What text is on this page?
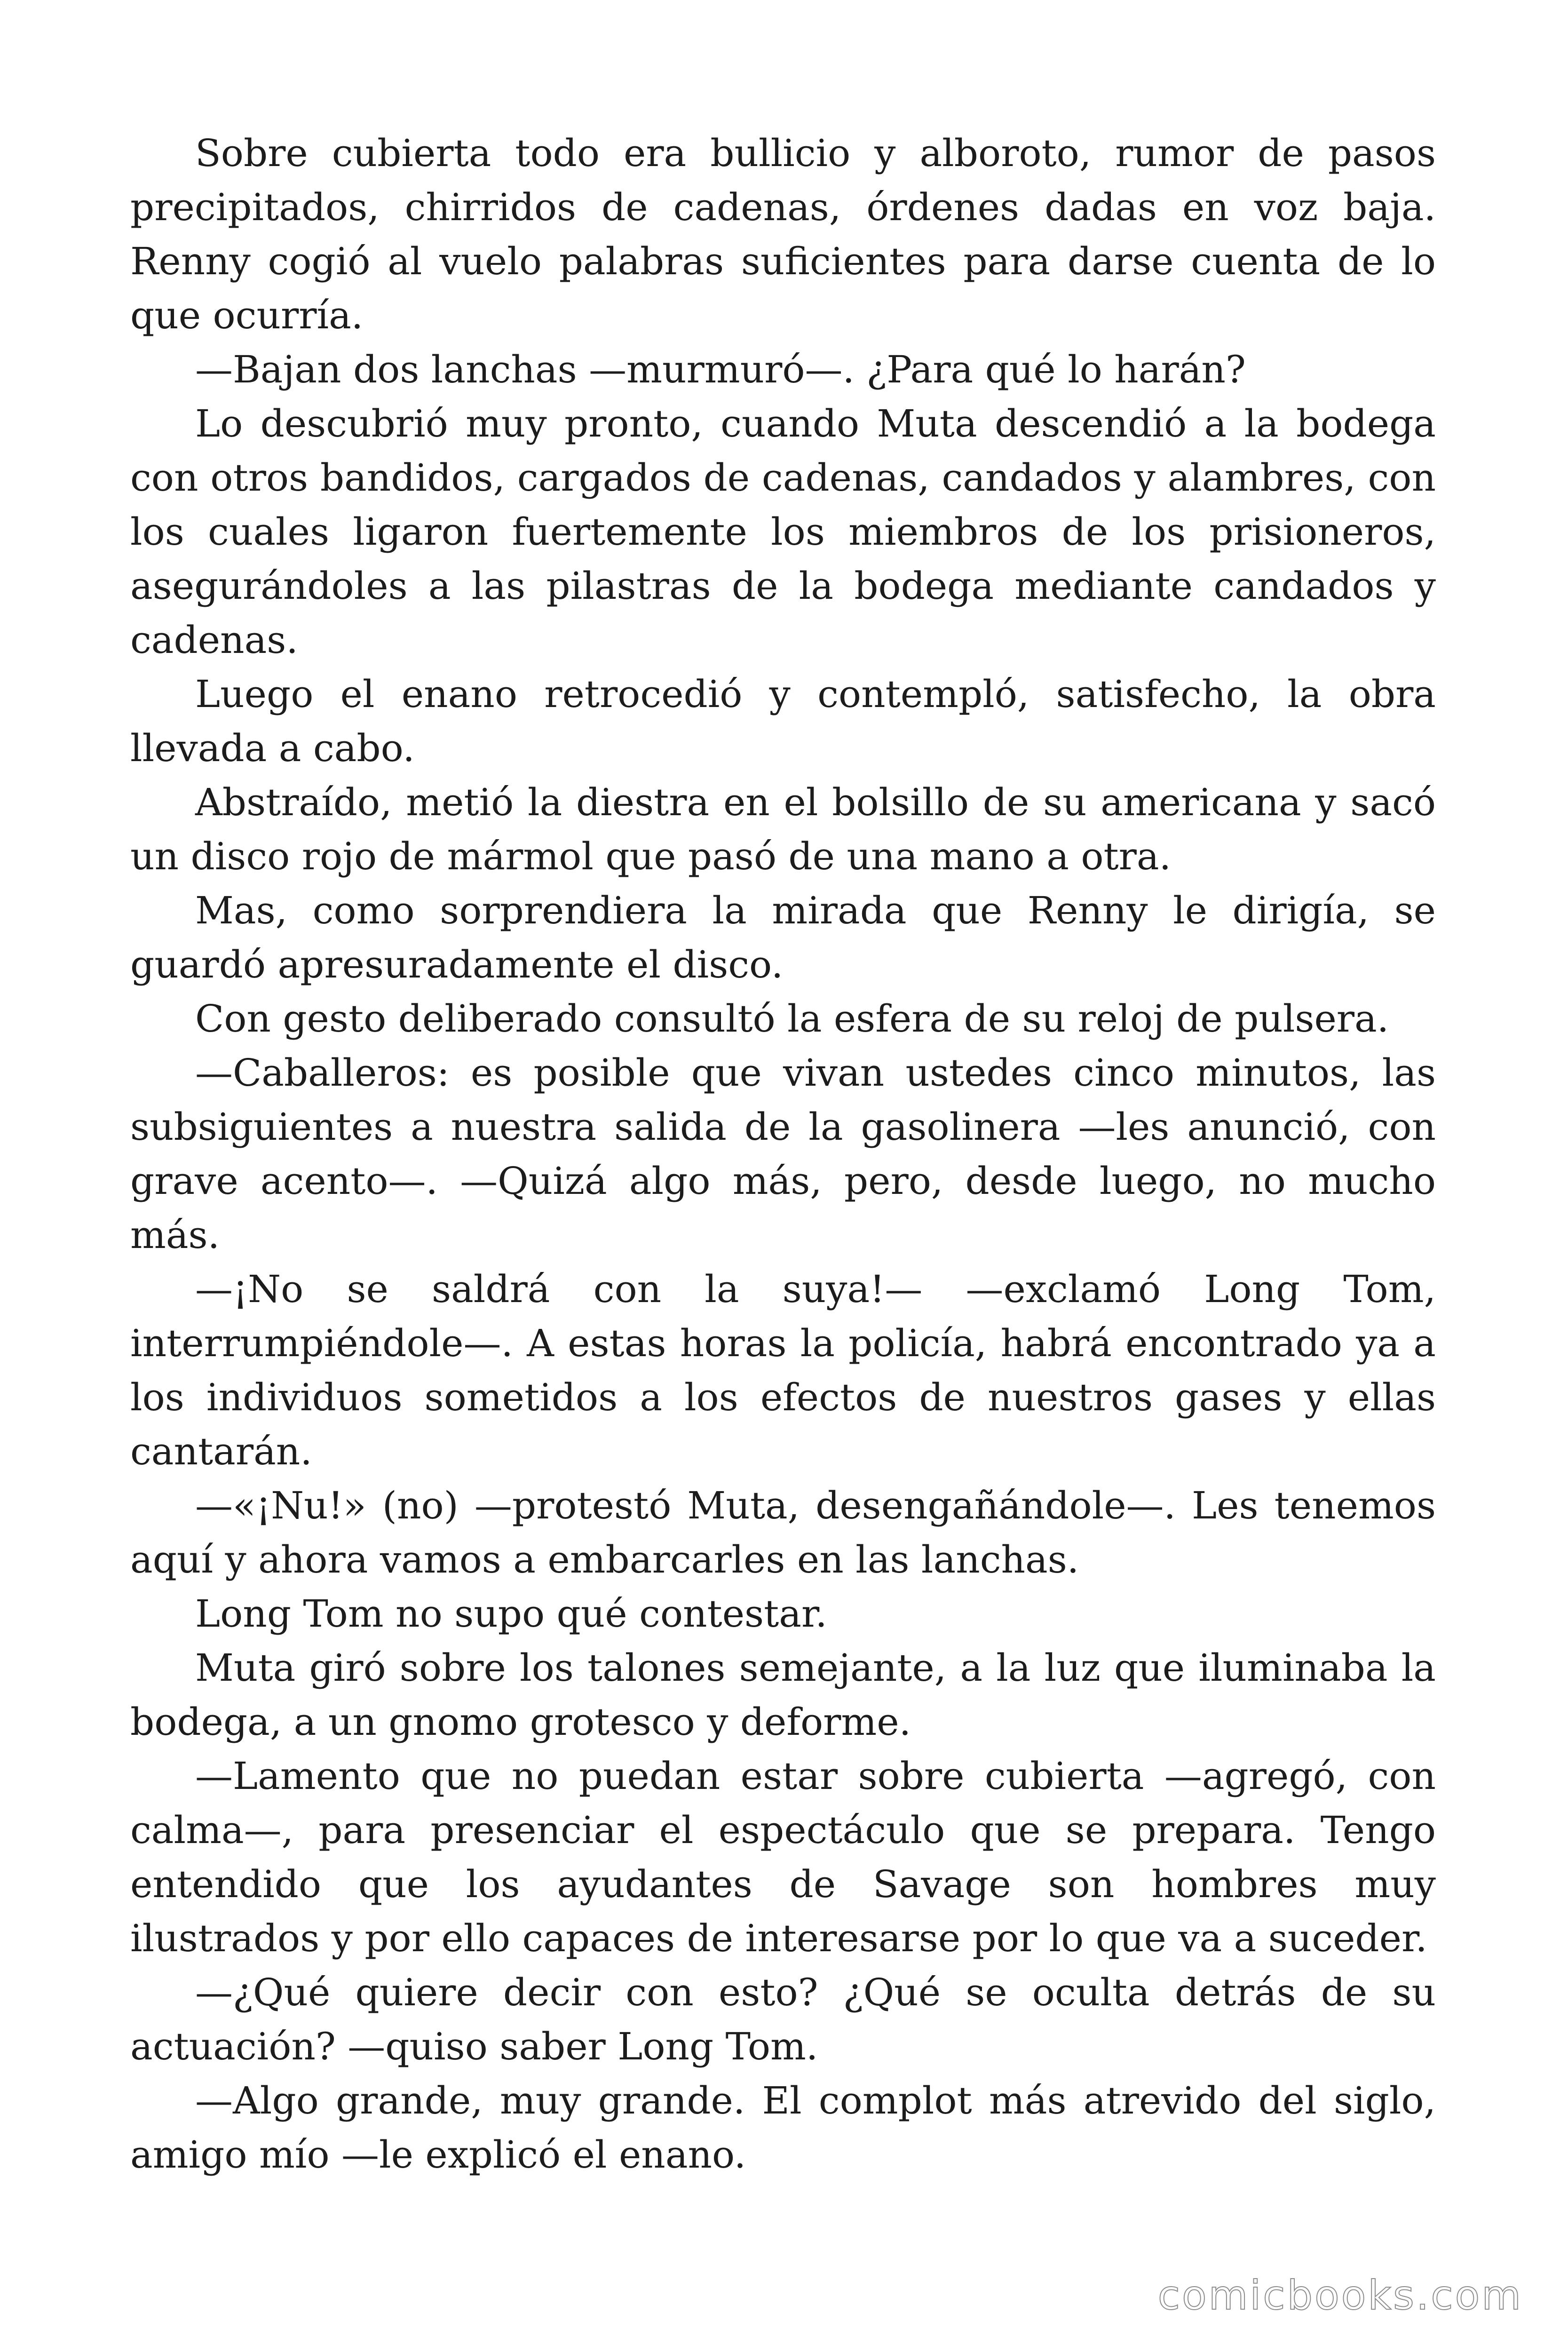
Sobre cubierta todo era bullicio y alboroto, rumor de pasos precipitados, chirridos de cadenas, órdenes dadas en voz baja. Renny cogió al vuelo palabras suficientes para darse cuenta de lo que ocurría.

—Bajan dos lanchas —murmuró—. ¿Para qué lo harán?

Lo descubrió muy pronto, cuando Muta descendió a la bodega con otros bandidos, cargados de cadenas, candados y alambres, con los cuales ligaron fuertemente los miembros de los prisioneros, asegurándoles a las pilastras de la bodega mediante candados y cadenas.

Luego el enano retrocedió y contempló, satisfecho, la obra llevada a cabo.

Abstraído, metió la diestra en el bolsillo de su americana y sacó un disco rojo de mármol que pasó de una mano a otra.

Mas, como sorprendiera la mirada que Renny le dirigía, se guardó apresuradamente el disco.

Con gesto deliberado consultó la esfera de su reloj de pulsera.

—Caballeros: es posible que vivan ustedes cinco minutos, las subsiguientes a nuestra salida de la gasolinera —les anunció, con grave acento—. —Quizá algo más, pero, desde luego, no mucho más.

—¡No se saldrá con la suya!— —exclamó Long Tom, interrumpiéndole—. A estas horas la policía, habrá encontrado ya a los individuos sometidos a los efectos de nuestros gases y ellas cantarán.

—«¡Nu!» (no) —protestó Muta, desengañándole—. Les tenemos aquí y ahora vamos a embarcarles en las lanchas.

Long Tom no supo qué contestar.

Muta giró sobre los talones semejante, a la luz que iluminaba la bodega, a un gnomo grotesco y deforme.

—Lamento que no puedan estar sobre cubierta —agregó, con calma—, para presenciar el espectáculo que se prepara. Tengo entendido que los ayudantes de Savage son hombres muy ilustrados y por ello capaces de interesarse por lo que va a suceder.

—¿Qué quiere decir con esto? ¿Qué se oculta detrás de su actuación? —quiso saber Long Tom.

—Algo grande, muy grande. El complot más atrevido del siglo, amigo mío —le explicó el enano.

comicbooks.com
